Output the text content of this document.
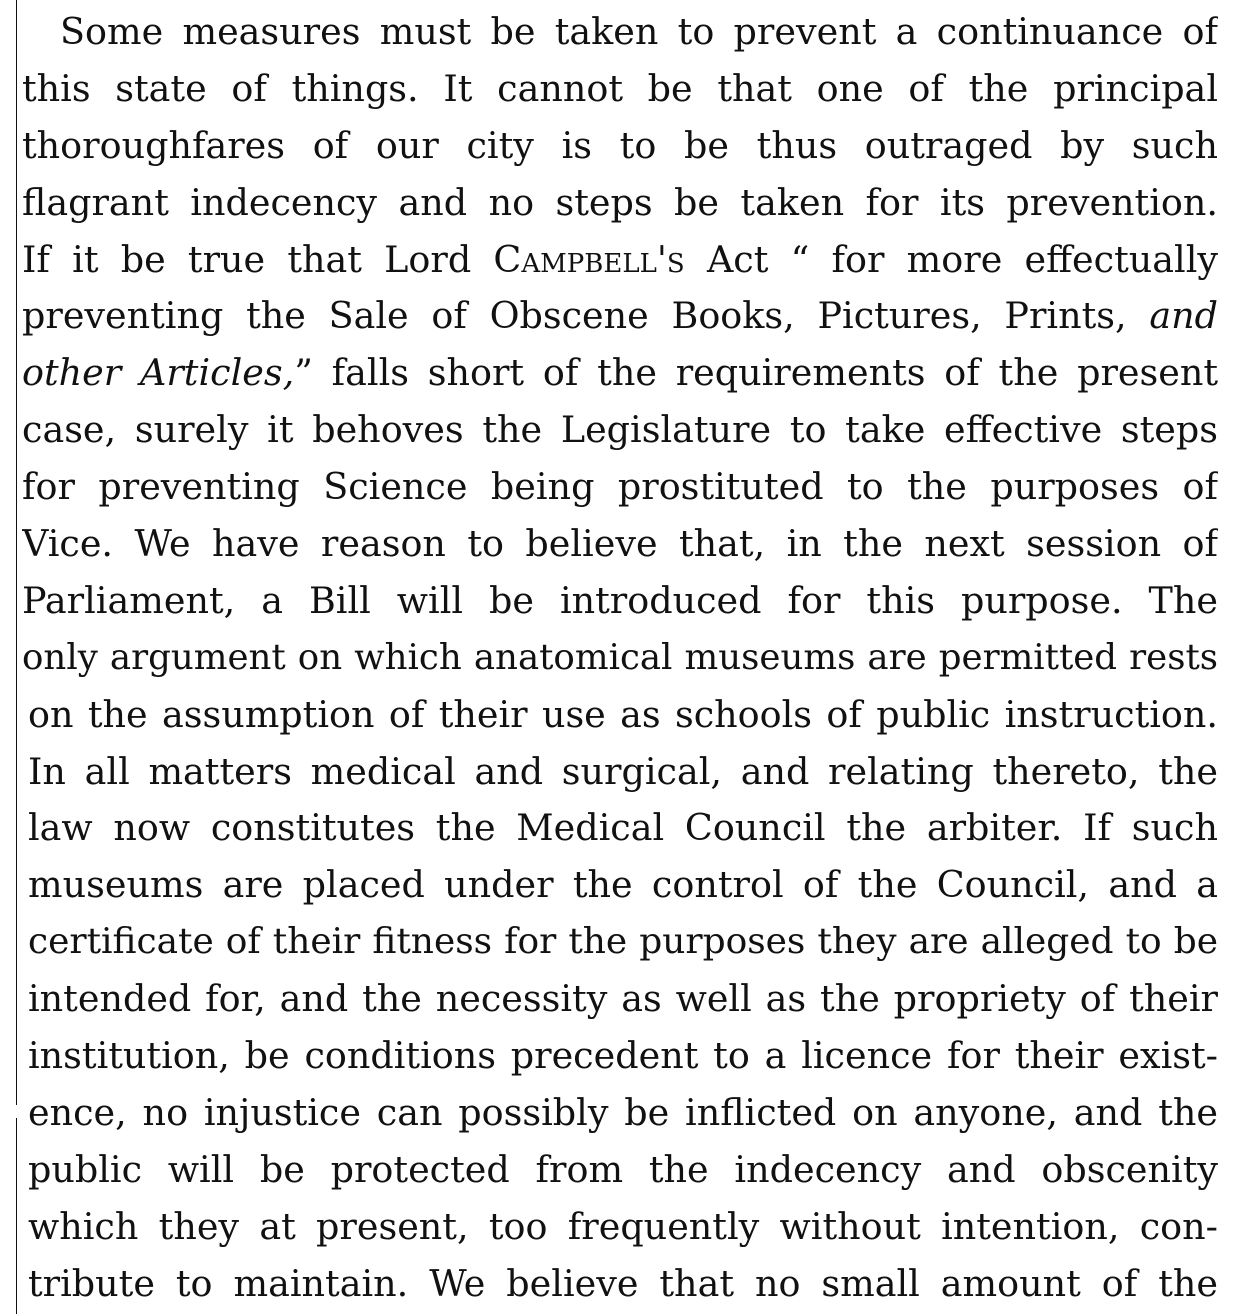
Some measures must be taken to prevent a continuance of
this state of things. It cannot be that one of the principal
thoroughfares of our city is to be thus outraged by such
flagrant indecency and no steps be taken for its prevention.
If it be true that Lord Campbell's Act “ for more effectually
preventing the Sale of Obscene Books, Pictures, Prints, and
other Articles,” falls short of the requirements of the present
case, surely it behoves the Legislature to take effective steps
for preventing Science being prostituted to the purposes of
Vice. We have reason to believe that, in the next session of
Parliament, a Bill will be introduced for this purpose. The
only argument on which anatomical museums are permitted rests
on the assumption of their use as schools of public instruction.
In all matters medical and surgical, and relating thereto, the
law now constitutes the Medical Council the arbiter. If such
museums are placed under the control of the Council, and a
certificate of their fitness for the purposes they are alleged to be
intended for, and the necessity as well as the propriety of their
institution, be conditions precedent to a licence for their exist-
ence, no injustice can possibly be inflicted on anyone, and the
public will be protected from the indecency and obscenity
which they at present, too frequently without intention, con-
tribute to maintain. We believe that no small amount of the
